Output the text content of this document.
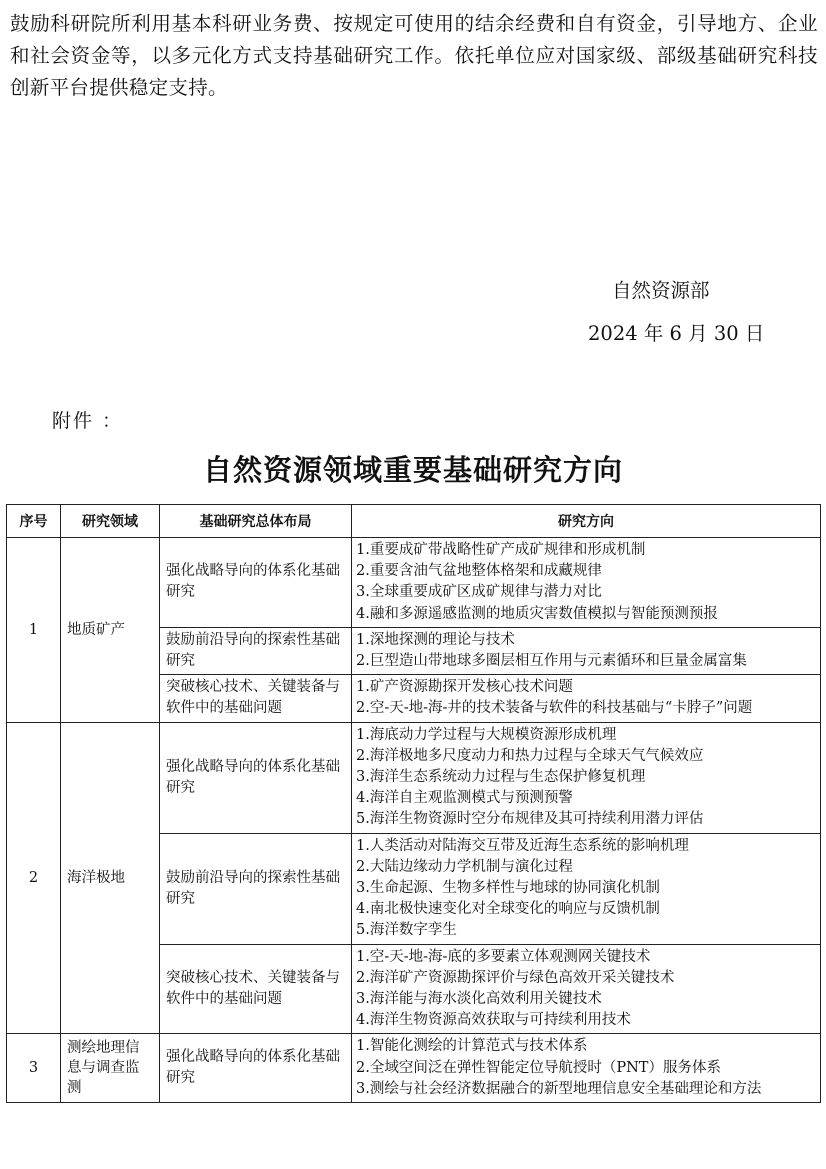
鼓励科研院所利用基本科研业务费、按规定可使用的结余经费和自有资金，引导地方、企业和社会资金等，以多元化方式支持基础研究工作。依托单位应对国家级、部级基础研究科技创新平台提供稳定支持。

自然资源部
2024 年 6 月 30 日
附件 ：
自然资源领域重要基础研究方向
序号	研究领域	基础研究总体布局	研究方向
1	地质矿产	强化战略导向的体系化基础研究	1.重要成矿带战略性矿产成矿规律和形成机制
2.重要含油气盆地整体格架和成藏规律
3.全球重要成矿区成矿规律与潜力对比
4.融和多源遥感监测的地质灾害数值模拟与智能预测预报

		鼓励前沿导向的探索性基础研究	1.深地探测的理论与技术
2.巨型造山带地球多圈层相互作用与元素循环和巨量金属富集

		突破核心技术、关键装备与软件中的基础问题	1.矿产资源勘探开发核心技术问题
2.空-天-地-海-井的技术装备与软件的科技基础与“卡脖子”问题

2	海洋极地	强化战略导向的体系化基础研究	1.海底动力学过程与大规模资源形成机理
2.海洋极地多尺度动力和热力过程与全球天气气候效应
3.海洋生态系统动力过程与生态保护修复机理
4.海洋自主观监测模式与预测预警
5.海洋生物资源时空分布规律及其可持续利用潜力评估

		鼓励前沿导向的探索性基础研究	1.人类活动对陆海交互带及近海生态系统的影响机理
2.大陆边缘动力学机制与演化过程
3.生命起源、生物多样性与地球的协同演化机制
4.南北极快速变化对全球变化的响应与反馈机制
5.海洋数字孪生

		突破核心技术、关键装备与软件中的基础问题	1.空-天-地-海-底的多要素立体观测网关键技术
2.海洋矿产资源勘探评价与绿色高效开采关键技术
3.海洋能与海水淡化高效利用关键技术
4.海洋生物资源高效获取与可持续利用技术

3	测绘地理信息与调查监测	强化战略导向的体系化基础研究	1.智能化测绘的计算范式与技术体系
2.全域空间泛在弹性智能定位导航授时（PNT）服务体系
3.测绘与社会经济数据融合的新型地理信息安全基础理论和方法
